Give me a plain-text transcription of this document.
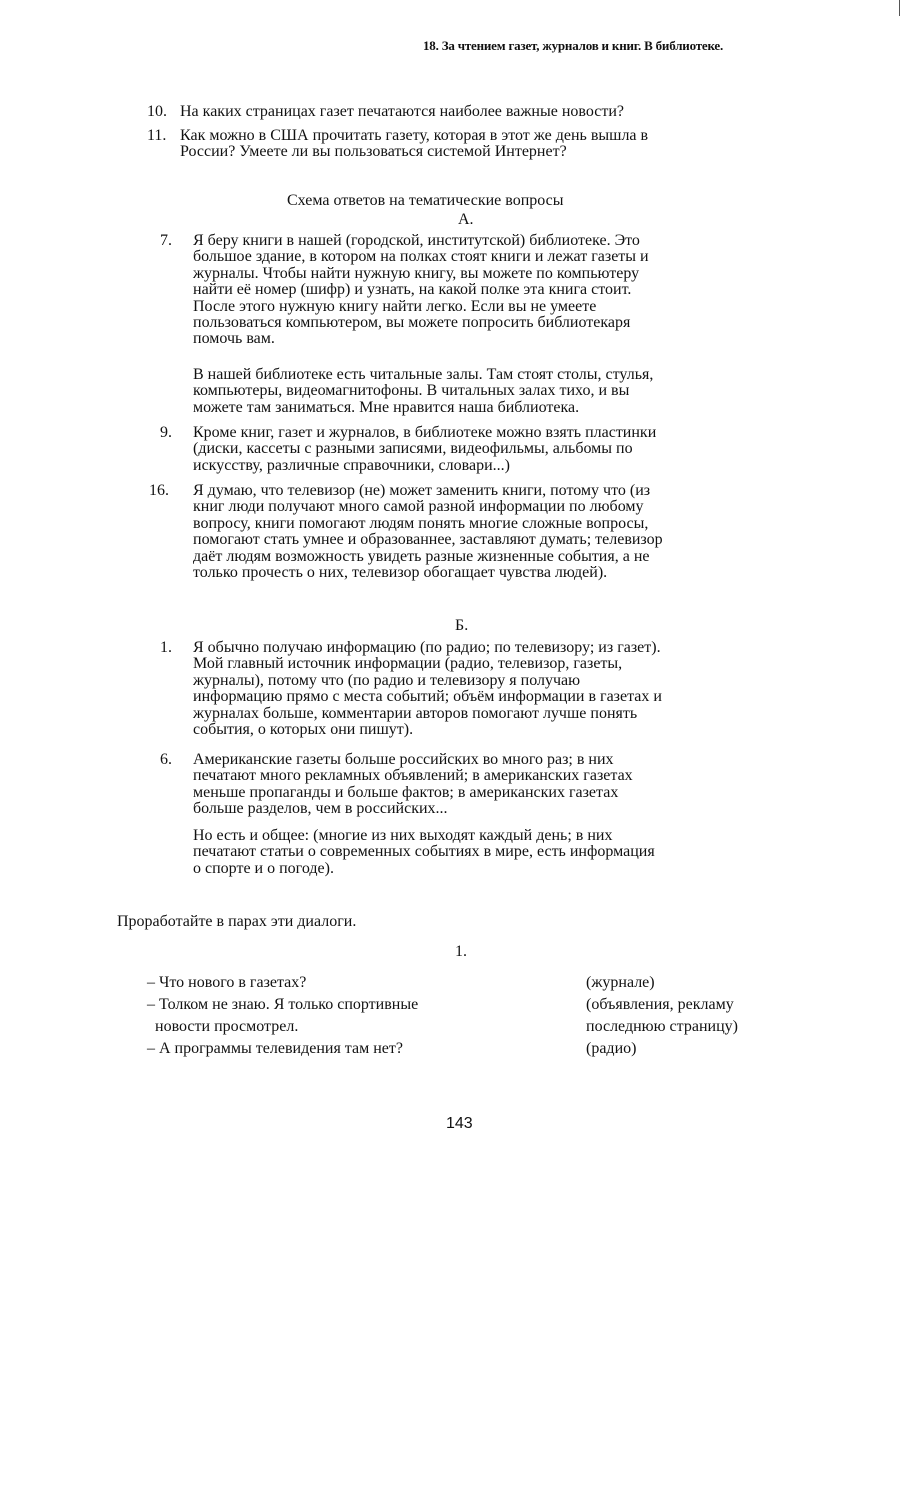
18. За чтением газет, журналов и книг. В библиотеке.
10. На каких страницах газет печатаются наиболее важные новости?
11. Как можно в США прочитать газету, которая в этот же день вышла в
России? Умеете ли вы пользоваться системой Интернет?
Схема ответов на тематические вопросы
А.
7. Я беру книги в нашей (городской, институтской) библиотеке. Это
большое здание, в котором на полках стоят книги и лежат газеты и
журналы. Чтобы найти нужную книгу, вы можете по компьютеру
найти её номер (шифр) и узнать, на какой полке эта книга стоит.
После этого нужную книгу найти легко. Если вы не умеете
пользоваться компьютером, вы можете попросить библиотекаря
помочь вам.
В нашей библиотеке есть читальные залы. Там стоят столы, стулья,
компьютеры, видеомагнитофоны. В читальных залах тихо, и вы
можете там заниматься. Мне нравится наша библиотека.
9. Кроме книг, газет и журналов, в библиотеке можно взять пластинки
(диски, кассеты с разными записями, видеофильмы, альбомы по
искусству, различные справочники, словари...)
16. Я думаю, что телевизор (не) может заменить книги, потому что (из
книг люди получают много самой разной информации по любому
вопросу, книги помогают людям понять многие сложные вопросы,
помогают стать умнее и образованнее, заставляют думать; телевизор
даёт людям возможность увидеть разные жизненные события, а не
только прочесть о них, телевизор обогащает чувства людей).
Б.
1. Я обычно получаю информацию (по радио; по телевизору; из газет).
Мой главный источник информации (радио, телевизор, газеты,
журналы), потому что (по радио и телевизору я получаю
информацию прямо с места событий; объём информации в газетах и
журналах больше, комментарии авторов помогают лучше понять
события, о которых они пишут).
6. Американские газеты больше российских во много раз; в них
печатают много рекламных объявлений; в американских газетах
меньше пропаганды и больше фактов; в американских газетах
больше разделов, чем в российских...
Но есть и общее: (многие из них выходят каждый день; в них
печатают статьи о современных событиях в мире, есть информация
о спорте и о погоде).
Проработайте в парах эти диалоги.
1.
– Что нового в газетах?
– Толком не знаю. Я только спортивные
новости просмотрел.
– А программы телевидения там нет?
(журнале)
(объявления, рекламу
последнюю страницу)
(радио)
143
